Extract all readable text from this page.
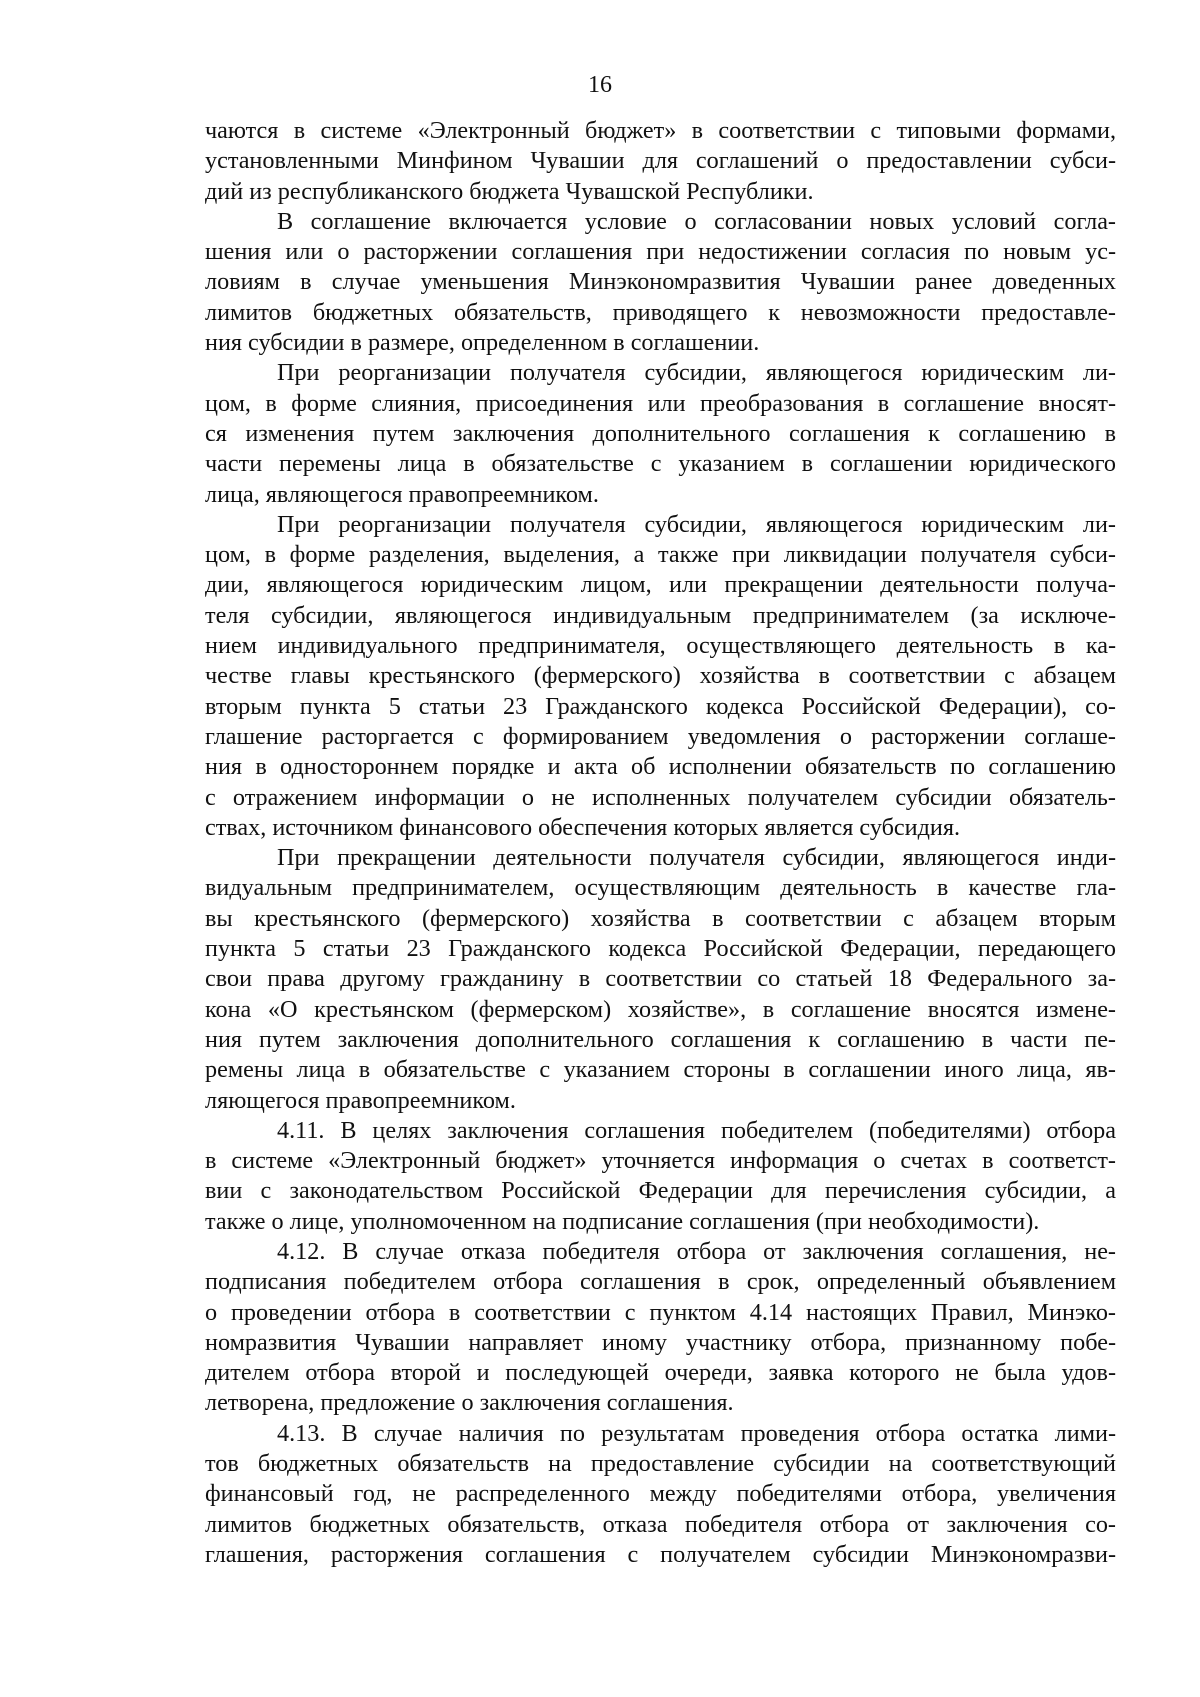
16
чаются в системе «Электронный бюджет» в соответствии с типовыми формами,
установленными Минфином Чувашии для соглашений о предоставлении субси-
дий из республиканского бюджета Чувашской Республики.
В соглашение включается условие о согласовании новых условий согла-
шения или о расторжении соглашения при недостижении согласия по новым ус-
ловиям в случае уменьшения Минэкономразвития Чувашии ранее доведенных
лимитов бюджетных обязательств, приводящего к невозможности предоставле-
ния субсидии в размере, определенном в соглашении.
При реорганизации получателя субсидии, являющегося юридическим ли-
цом, в форме слияния, присоединения или преобразования в соглашение вносят-
ся изменения путем заключения дополнительного соглашения к соглашению в
части перемены лица в обязательстве с указанием в соглашении юридического
лица, являющегося правопреемником.
При реорганизации получателя субсидии, являющегося юридическим ли-
цом, в форме разделения, выделения, а также при ликвидации получателя субси-
дии, являющегося юридическим лицом, или прекращении деятельности получа-
теля субсидии, являющегося индивидуальным предпринимателем (за исключе-
нием индивидуального предпринимателя, осуществляющего деятельность в ка-
честве главы крестьянского (фермерского) хозяйства в соответствии с абзацем
вторым пункта 5 статьи 23 Гражданского кодекса Российской Федерации), со-
глашение расторгается с формированием уведомления о расторжении соглаше-
ния в одностороннем порядке и акта об исполнении обязательств по соглашению
с отражением информации о не исполненных получателем субсидии обязатель-
ствах, источником финансового обеспечения которых является субсидия.
При прекращении деятельности получателя субсидии, являющегося инди-
видуальным предпринимателем, осуществляющим деятельность в качестве гла-
вы крестьянского (фермерского) хозяйства в соответствии с абзацем вторым
пункта 5 статьи 23 Гражданского кодекса Российской Федерации, передающего
свои права другому гражданину в соответствии со статьей 18 Федерального за-
кона «О крестьянском (фермерском) хозяйстве», в соглашение вносятся измене-
ния путем заключения дополнительного соглашения к соглашению в части пе-
ремены лица в обязательстве с указанием стороны в соглашении иного лица, яв-
ляющегося правопреемником.
4.11. В целях заключения соглашения победителем (победителями) отбора
в системе «Электронный бюджет» уточняется информация о счетах в соответст-
вии с законодательством Российской Федерации для перечисления субсидии, а
также о лице, уполномоченном на подписание соглашения (при необходимости).
4.12. В случае отказа победителя отбора от заключения соглашения, не-
подписания победителем отбора соглашения в срок, определенный объявлением
о проведении отбора в соответствии с пунктом 4.14 настоящих Правил, Минэко-
номразвития Чувашии направляет иному участнику отбора, признанному побе-
дителем отбора второй и последующей очереди, заявка которого не была удов-
летворена, предложение о заключения соглашения.
4.13. В случае наличия по результатам проведения отбора остатка лими-
тов бюджетных обязательств на предоставление субсидии на соответствующий
финансовый год, не распределенного между победителями отбора, увеличения
лимитов бюджетных обязательств, отказа победителя отбора от заключения со-
глашения, расторжения соглашения с получателем субсидии Минэкономразви-
